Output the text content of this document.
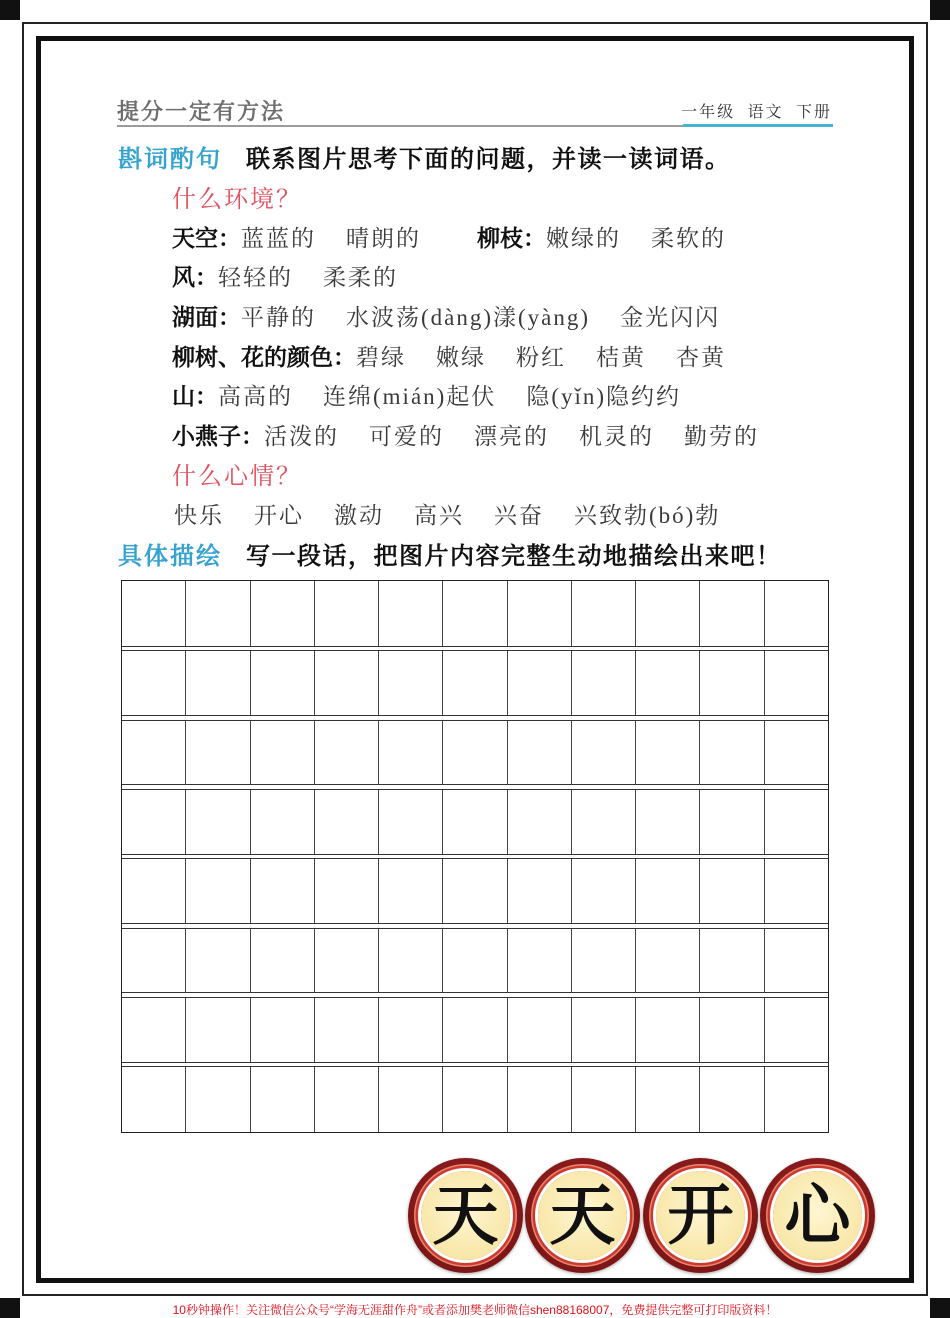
提分一定有方法	一年级 语文 下册
斟词酌句 联系图片思考下面的问题，并读一读词语。
什么环境？
天空： 蓝蓝的 晴朗的 柳枝： 嫩绿的 柔软的
风： 轻轻的 柔柔的
湖面： 平静的 水波荡(dàng)漾(yàng) 金光闪闪
柳树、花的颜色： 碧绿 嫩绿 粉红 桔黄 杏黄
山： 高高的 连绵(mián)起伏 隐(yǐn)隐约约
小燕子： 活泼的 可爱的 漂亮的 机灵的 勤劳的
什么心情？
快乐 开心 激动 高兴 兴奋 兴致勃(bó)勃
具体描绘 写一段话，把图片内容完整生动地描绘出来吧！
天 天 开 心
10秒钟操作！关注微信公众号“学海无涯甜作舟”或者添加樊老师微信shen88168007，免费提供完整可打印版资料！
